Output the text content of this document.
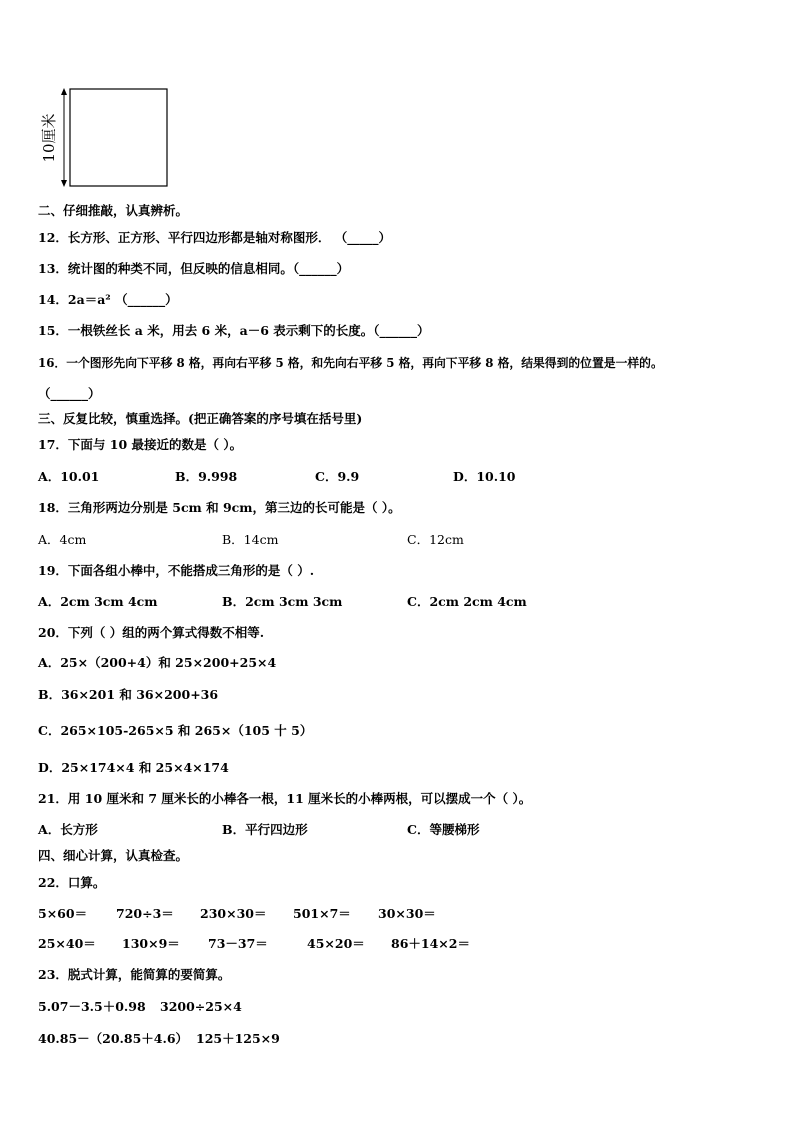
10厘米
二、仔细推敲，认真辨析。
12．长方形、正方形、平行四边形都是轴对称图形． （_____）
13．统计图的种类不同，但反映的信息相同。（______）
14．2a＝a² （______）
15．一根铁丝长 a 米，用去 6 米，a－6 表示剩下的长度。（______）
16．一个图形先向下平移 8 格，再向右平移 5 格，和先向右平移 5 格，再向下平移 8 格，结果得到的位置是一样的。
（______）
三、反复比较，慎重选择。(把正确答案的序号填在括号里)
17．下面与 10 最接近的数是（ ）。
A．10.01	B．9.998	C．9.9	D．10.10
18．三角形两边分别是 5cm 和 9cm，第三边的长可能是（ ）。
A．4cm	B．14cm	C．12cm
19．下面各组小棒中，不能搭成三角形的是（ ）.
A．2cm 3cm 4cm	B．2cm 3cm 3cm	C．2cm 2cm 4cm
20．下列（ ）组的两个算式得数不相等.
A．25×（200+4）和 25×200+25×4
B．36×201 和 36×200+36
C．265×105-265×5 和 265×（105 十 5）
D．25×174×4 和 25×4×174
21．用 10 厘米和 7 厘米长的小棒各一根，11 厘米长的小棒两根，可以摆成一个（ ）。
A．长方形	B．平行四边形	C．等腰梯形
四、细心计算，认真检查。
22．口算。
5×60＝ 720÷3＝ 230×30＝ 501×7＝ 30×30＝
25×40＝ 130×9＝ 73－37＝	45×20＝ 86＋14×2＝
23．脱式计算，能简算的要简算。
5.07－3.5＋0.98 3200÷25×4
40.85－（20.85＋4.6） 125＋125×9
